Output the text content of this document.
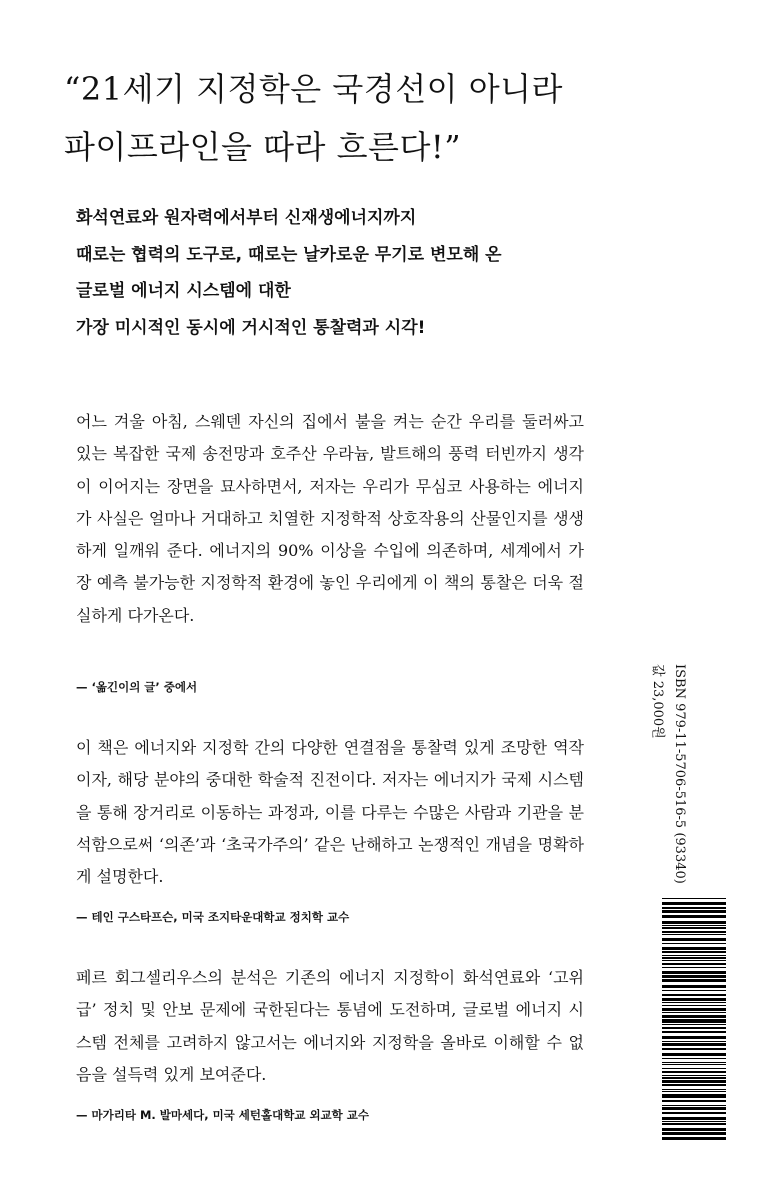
“21세기 지정학은 국경선이 아니라
파이프라인을 따라 흐른다!”
화석연료와 원자력에서부터 신재생에너지까지
때로는 협력의 도구로, 때로는 날카로운 무기로 변모해 온
글로벌 에너지 시스템에 대한
가장 미시적인 동시에 거시적인 통찰력과 시각!

어느 겨울 아침, 스웨덴 자신의 집에서 불을 켜는 순간 우리를 둘러싸고 있는 복잡한 국제 송전망과 호주산 우라늄, 발트해의 풍력 터빈까지 생각이 이어지는 장면을 묘사하면서, 저자는 우리가 무심코 사용하는 에너지가 사실은 얼마나 거대하고 치열한 지정학적 상호작용의 산물인지를 생생하게 일깨워 준다. 에너지의 90% 이상을 수입에 의존하며, 세계에서 가장 예측 불가능한 지정학적 환경에 놓인 우리에게 이 책의 통찰은 더욱 절실하게 다가온다.

— ‘옮긴이의 글’ 중에서

이 책은 에너지와 지정학 간의 다양한 연결점을 통찰력 있게 조망한 역작이자, 해당 분야의 중대한 학술적 진전이다. 저자는 에너지가 국제 시스템을 통해 장거리로 이동하는 과정과, 이를 다루는 수많은 사람과 기관을 분석함으로써 ‘의존’과 ‘초국가주의’ 같은 난해하고 논쟁적인 개념을 명확하게 설명한다.

— 테인 구스타프슨, 미국 조지타운대학교 정치학 교수

페르 회그셀리우스의 분석은 기존의 에너지 지정학이 화석연료와 ‘고위급’ 정치 및 안보 문제에 국한된다는 통념에 도전하며, 글로벌 에너지 시스템 전체를 고려하지 않고서는 에너지와 지정학을 올바로 이해할 수 없음을 설득력 있게 보여준다.

— 마가리타 M. 발마세다, 미국 세턴홀대학교 외교학 교수
ISBN 979-11-5706-516-5 (93340)
값 23,000원
